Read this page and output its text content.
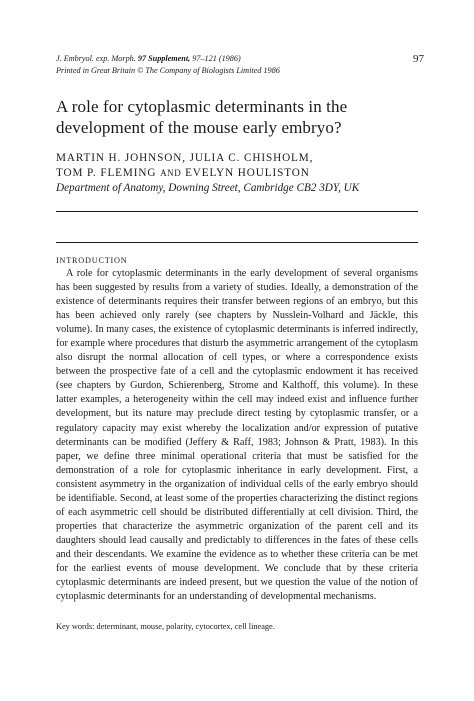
J. Embryol. exp. Morph. 97 Supplement, 97–121 (1986)
Printed in Great Britain © The Company of Biologists Limited 1986
97
A role for cytoplasmic determinants in the development of the mouse early embryo?
MARTIN H. JOHNSON, JULIA C. CHISHOLM,
TOM P. FLEMING AND EVELYN HOULISTON
Department of Anatomy, Downing Street, Cambridge CB2 3DY, UK
INTRODUCTION

A role for cytoplasmic determinants in the early development of several organisms has been suggested by results from a variety of studies. Ideally, a demonstration of the existence of determinants requires their transfer between regions of an embryo, but this has been achieved only rarely (see chapters by Nusslein-Volhard and Jäckle, this volume). In many cases, the existence of cytoplasmic determinants is inferred indirectly, for example where procedures that disturb the asymmetric arrangement of the cytoplasm also disrupt the normal allocation of cell types, or where a correspondence exists between the prospective fate of a cell and the cytoplasmic endowment it has received (see chapters by Gurdon, Schierenberg, Strome and Kalthoff, this volume). In these latter examples, a heterogeneity within the cell may indeed exist and influence further development, but its nature may preclude direct testing by cytoplasmic transfer, or a regulatory capacity may exist whereby the localization and/or expression of putative determinants can be modified (Jeffery & Raff, 1983; Johnson & Pratt, 1983). In this paper, we define three minimal operational criteria that must be satisfied for the demonstration of a role for cytoplasmic inheritance in early development. First, a consistent asymmetry in the organization of individual cells of the early embryo should be identifiable. Second, at least some of the properties characterizing the distinct regions of each asymmetric cell should be distributed differentially at cell division. Third, the properties that characterize the asymmetric organization of the parent cell and its daughters should lead causally and predictably to differences in the fates of these cells and their descendants. We examine the evidence as to whether these criteria can be met for the earliest events of mouse development. We conclude that by these criteria cytoplasmic determinants are indeed present, but we question the value of the notion of cytoplasmic determinants for an understanding of developmental mechanisms.

Key words: determinant, mouse, polarity, cytocortex, cell lineage.
